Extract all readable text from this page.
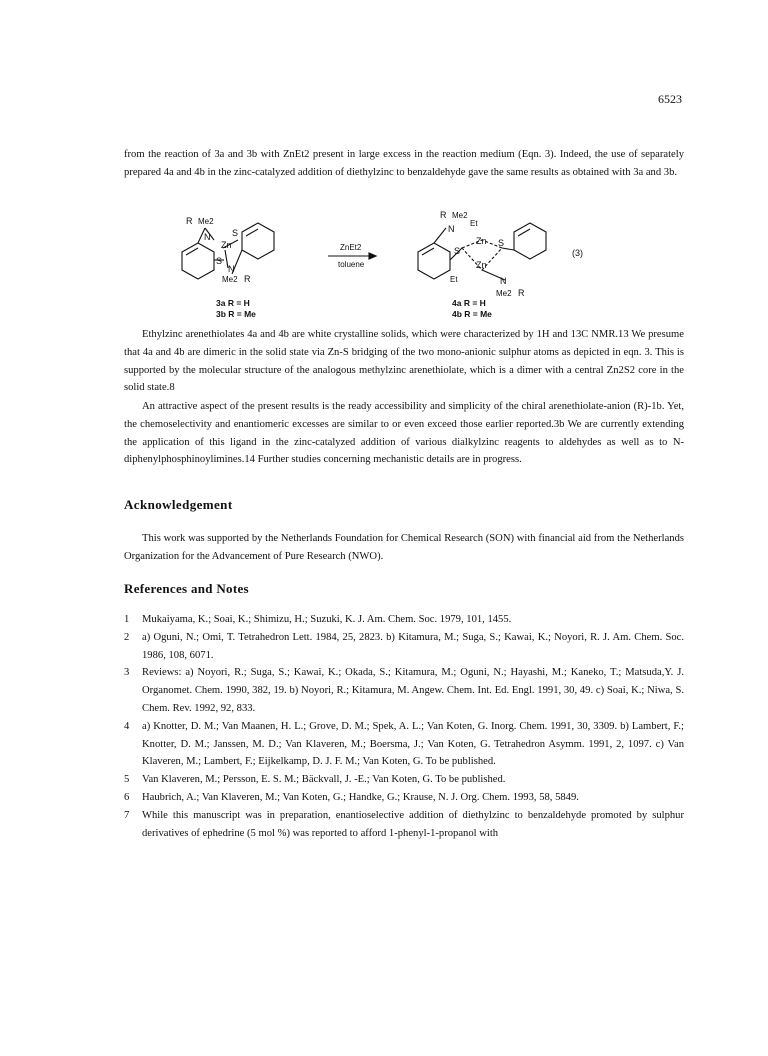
6523

from the reaction of 3a and 3b with ZnEt2 present in large excess in the reaction medium (Eqn. 3). Indeed, the use of separately prepared 4a and 4b in the zinc-catalyzed addition of diethylzinc to benzaldehyde gave the same results as obtained with 3a and 3b.

R Me2
N
Zn
S
S
N
Me2 R
ZnEt2
toluene
R Me2
N
Et
Zn
S
S
Zn
Et	N
Me2 R
(3)
3a R = H
3b R = Me
4a R = H
4b R = Me

Ethylzinc arenethiolates 4a and 4b are white crystalline solids, which were characterized by 1H and 13C NMR.13 We presume that 4a and 4b are dimeric in the solid state via Zn-S bridging of the two mono-anionic sulphur atoms as depicted in eqn. 3. This is supported by the molecular structure of the analogous methylzinc arenethiolate, which is a dimer with a central Zn2S2 core in the solid state.8

An attractive aspect of the present results is the ready accessibility and simplicity of the chiral arenethiolate-anion (R)-1b. Yet, the chemoselectivity and enantiomeric excesses are similar to or even exceed those earlier reported.3b We are currently extending the application of this ligand in the zinc-catalyzed addition of various dialkylzinc reagents to aldehydes as well as to N-diphenylphosphinoylimines.14 Further studies concerning mechanistic details are in progress.

Acknowledgement

This work was supported by the Netherlands Foundation for Chemical Research (SON) with financial aid from the Netherlands Organization for the Advancement of Pure Research (NWO).

References and Notes
1 Mukaiyama, K.; Soai, K.; Shimizu, H.; Suzuki, K. J. Am. Chem. Soc. 1979, 101, 1455.
2 a) Oguni, N.; Omi, T. Tetrahedron Lett. 1984, 25, 2823. b) Kitamura, M.; Suga, S.; Kawai, K.; Noyori, R. J. Am. Chem. Soc. 1986, 108, 6071.
3 Reviews: a) Noyori, R.; Suga, S.; Kawai, K.; Okada, S.; Kitamura, M.; Oguni, N.; Hayashi, M.; Kaneko, T.; Matsuda,Y. J. Organomet. Chem. 1990, 382, 19. b) Noyori, R.; Kitamura, M. Angew. Chem. Int. Ed. Engl. 1991, 30, 49. c) Soai, K.; Niwa, S. Chem. Rev. 1992, 92, 833.
4 a) Knotter, D. M.; Van Maanen, H. L.; Grove, D. M.; Spek, A. L.; Van Koten, G. Inorg. Chem. 1991, 30, 3309. b) Lambert, F.; Knotter, D. M.; Janssen, M. D.; Van Klaveren, M.; Boersma, J.; Van Koten, G. Tetrahedron Asymm. 1991, 2, 1097. c) Van Klaveren, M.; Lambert, F.; Eijkelkamp, D. J. F. M.; Van Koten, G. To be published.
5 Van Klaveren, M.; Persson, E. S. M.; Bäckvall, J. -E.; Van Koten, G. To be published.
6 Haubrich, A.; Van Klaveren, M.; Van Koten, G.; Handke, G.; Krause, N. J. Org. Chem. 1993, 58, 5849.
7 While this manuscript was in preparation, enantioselective addition of diethylzinc to benzaldehyde promoted by sulphur derivatives of ephedrine (5 mol %) was reported to afford 1-phenyl-1-propanol with
